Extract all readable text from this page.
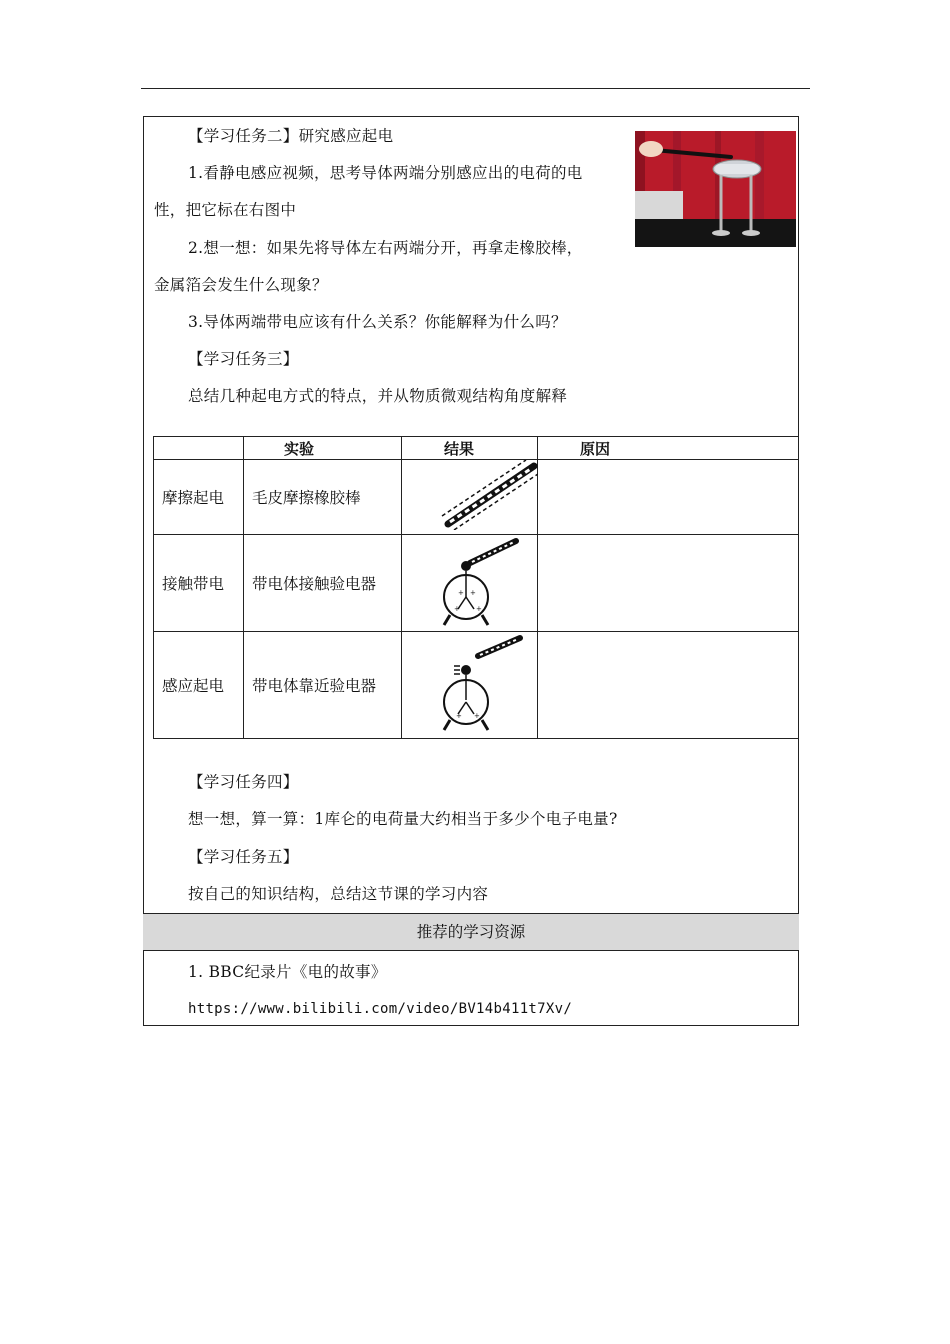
【学习任务二】研究感应起电
1.看静电感应视频，思考导体两端分别感应出的电荷的电
性，把它标在右图中
2.想一想：如果先将导体左右两端分开，再拿走橡胶棒，
金属箔会发生什么现象？
3.导体两端带电应该有什么关系？你能解释为什么吗？
【学习任务三】
总结几种起电方式的特点，并从物质微观结构角度解释
	实验	结果	原因
摩擦起电	毛皮摩擦橡胶棒		
接触带电	带电体接触验电器	+ +
+ +	

感应起电	带电体靠近验电器	+ +	

【学习任务四】
想一想，算一算：1库仑的电荷量大约相当于多少个电子电量?
【学习任务五】
按自己的知识结构，总结这节课的学习内容
推荐的学习资源
1. BBC纪录片《电的故事》
https://www.bilibili.com/video/BV14b411t7Xv/
